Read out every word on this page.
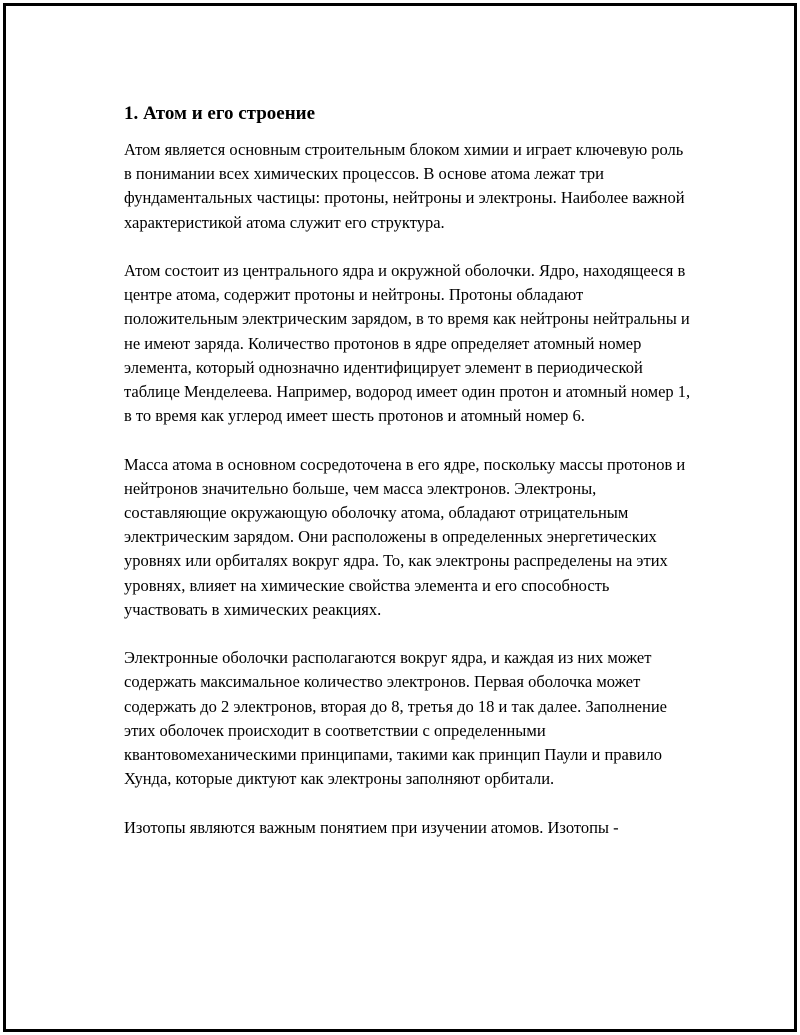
1. Атом и его строение

Атом является основным строительным блоком химии и играет ключевую роль в понимании всех химических процессов. В основе атома лежат три фундаментальных частицы: протоны, нейтроны и электроны. Наиболее важной характеристикой атома служит его структура.

Атом состоит из центрального ядра и окружной оболочки. Ядро, находящееся в центре атома, содержит протоны и нейтроны. Протоны обладают положительным электрическим зарядом, в то время как нейтроны нейтральны и не имеют заряда. Количество протонов в ядре определяет атомный номер элемента, который однозначно идентифицирует элемент в периодической таблице Менделеева. Например, водород имеет один протон и атомный номер 1, в то время как углерод имеет шесть протонов и атомный номер 6.

Масса атома в основном сосредоточена в его ядре, поскольку массы протонов и нейтронов значительно больше, чем масса электронов. Электроны, составляющие окружающую оболочку атома, обладают отрицательным электрическим зарядом. Они расположены в определенных энергетических уровнях или орбиталях вокруг ядра. То, как электроны распределены на этих уровнях, влияет на химические свойства элемента и его способность участвовать в химических реакциях.

Электронные оболочки располагаются вокруг ядра, и каждая из них может содержать максимальное количество электронов. Первая оболочка может содержать до 2 электронов, вторая до 8, третья до 18 и так далее. Заполнение этих оболочек происходит в соответствии с определенными квантовомеханическими принципами, такими как принцип Паули и правило Хунда, которые диктуют как электроны заполняют орбитали.

Изотопы являются важным понятием при изучении атомов. Изотопы -
